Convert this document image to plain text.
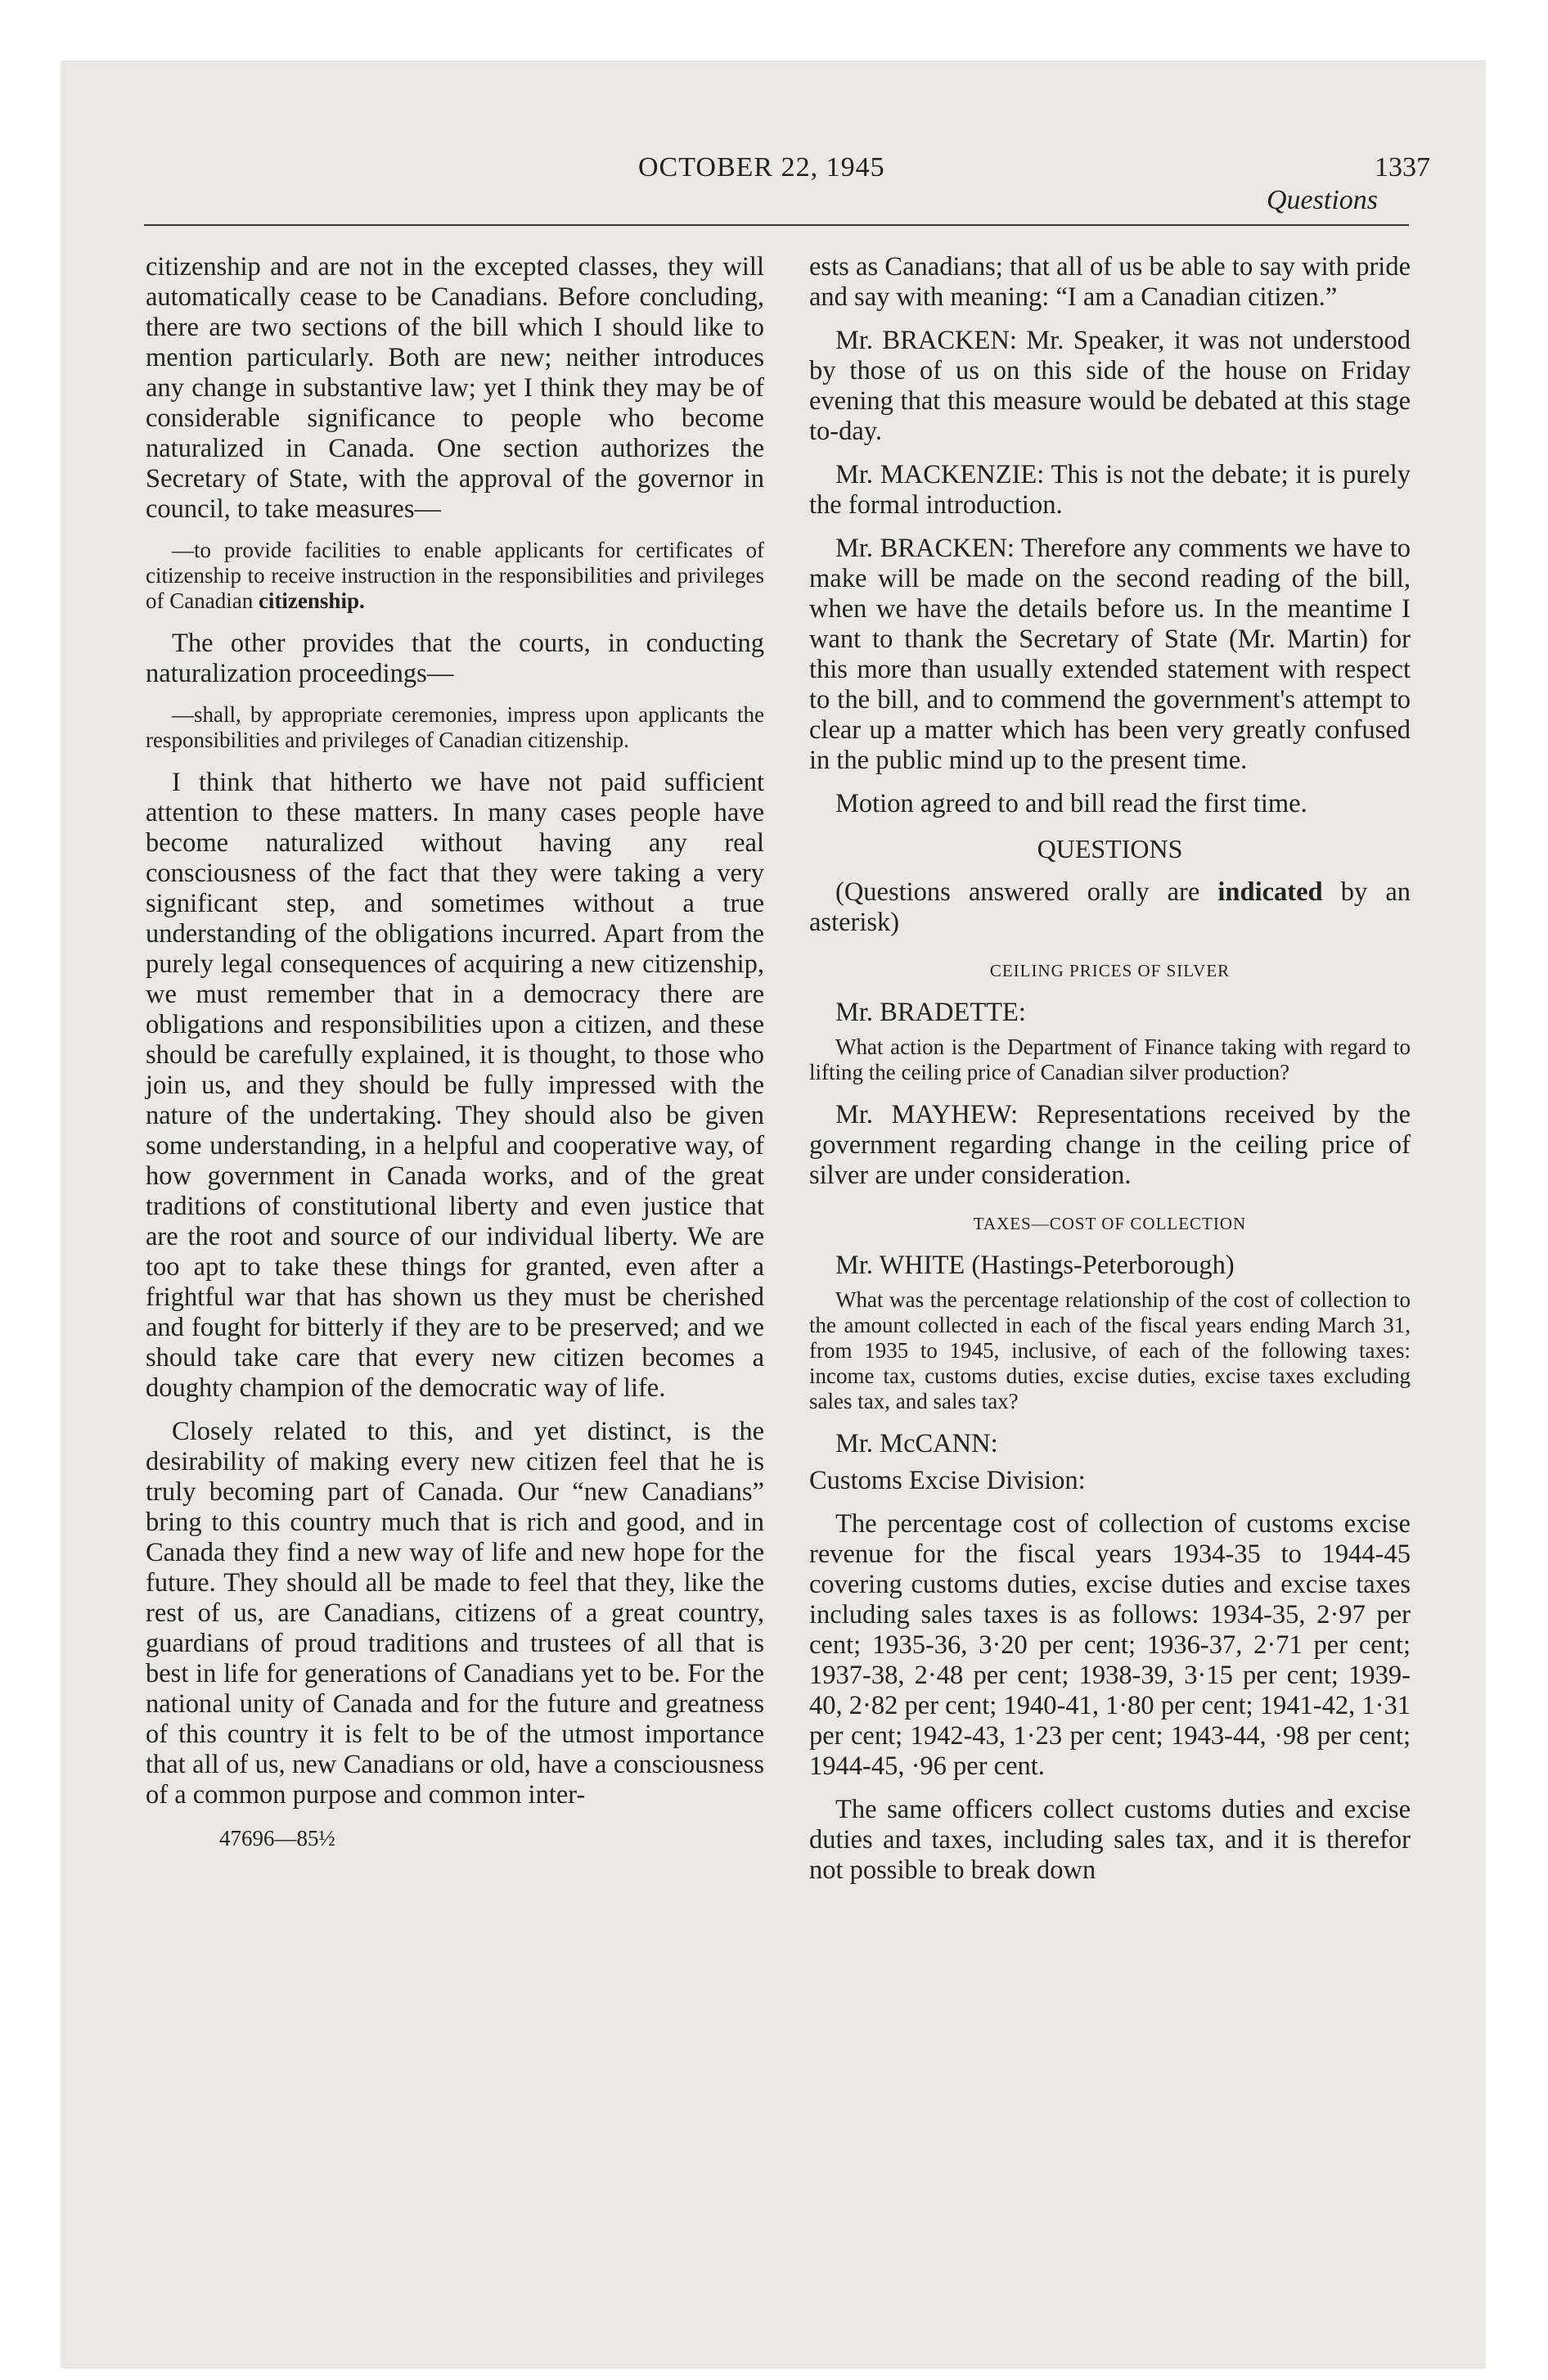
OCTOBER 22, 1945	1337
Questions

citizenship and are not in the excepted classes, they will automatically cease to be Canadians. Before concluding, there are two sections of the bill which I should like to mention particularly. Both are new; neither introduces any change in substantive law; yet I think they may be of considerable significance to people who become naturalized in Canada. One section authorizes the Secretary of State, with the approval of the governor in council, to take measures—

—to provide facilities to enable applicants for certificates of citizenship to receive instruction in the responsibilities and privileges of Canadian citizenship.

The other provides that the courts, in conducting naturalization proceedings—

—shall, by appropriate ceremonies, impress upon applicants the responsibilities and privileges of Canadian citizenship.

I think that hitherto we have not paid sufficient attention to these matters. In many cases people have become naturalized without having any real consciousness of the fact that they were taking a very significant step, and sometimes without a true understanding of the obligations incurred. Apart from the purely legal consequences of acquiring a new citizenship, we must remember that in a democracy there are obligations and responsibilities upon a citizen, and these should be carefully explained, it is thought, to those who join us, and they should be fully impressed with the nature of the undertaking. They should also be given some understanding, in a helpful and cooperative way, of how government in Canada works, and of the great traditions of constitutional liberty and even justice that are the root and source of our individual liberty. We are too apt to take these things for granted, even after a frightful war that has shown us they must be cherished and fought for bitterly if they are to be preserved; and we should take care that every new citizen becomes a doughty champion of the democratic way of life.

Closely related to this, and yet distinct, is the desirability of making every new citizen feel that he is truly becoming part of Canada. Our “new Canadians” bring to this country much that is rich and good, and in Canada they find a new way of life and new hope for the future. They should all be made to feel that they, like the rest of us, are Canadians, citizens of a great country, guardians of proud traditions and trustees of all that is best in life for generations of Canadians yet to be. For the national unity of Canada and for the future and greatness of this country it is felt to be of the utmost importance that all of us, new Canadians or old, have a consciousness of a common purpose and common inter-

47696—85½

ests as Canadians; that all of us be able to say with pride and say with meaning: “I am a Canadian citizen.”

Mr. BRACKEN: Mr. Speaker, it was not understood by those of us on this side of the house on Friday evening that this measure would be debated at this stage to-day.

Mr. MACKENZIE: This is not the debate; it is purely the formal introduction.

Mr. BRACKEN: Therefore any comments we have to make will be made on the second reading of the bill, when we have the details before us. In the meantime I want to thank the Secretary of State (Mr. Martin) for this more than usually extended statement with respect to the bill, and to commend the government's attempt to clear up a matter which has been very greatly confused in the public mind up to the present time.

Motion agreed to and bill read the first time.

QUESTIONS

(Questions answered orally are indicated by an asterisk)

CEILING PRICES OF SILVER

Mr. BRADETTE:

What action is the Department of Finance taking with regard to lifting the ceiling price of Canadian silver production?

Mr. MAYHEW: Representations received by the government regarding change in the ceiling price of silver are under consideration.

TAXES—COST OF COLLECTION

Mr. WHITE (Hastings-Peterborough)

What was the percentage relationship of the cost of collection to the amount collected in each of the fiscal years ending March 31, from 1935 to 1945, inclusive, of each of the following taxes: income tax, customs duties, excise duties, excise taxes excluding sales tax, and sales tax?

Mr. McCANN:

Customs Excise Division:

The percentage cost of collection of customs excise revenue for the fiscal years 1934-35 to 1944-45 covering customs duties, excise duties and excise taxes including sales taxes is as follows: 1934-35, 2·97 per cent; 1935-36, 3·20 per cent; 1936-37, 2·71 per cent; 1937-38, 2·48 per cent; 1938-39, 3·15 per cent; 1939-40, 2·82 per cent; 1940-41, 1·80 per cent; 1941-42, 1·31 per cent; 1942-43, 1·23 per cent; 1943-44, ·98 per cent; 1944-45, ·96 per cent.

The same officers collect customs duties and excise duties and taxes, including sales tax, and it is therefor not possible to break down
